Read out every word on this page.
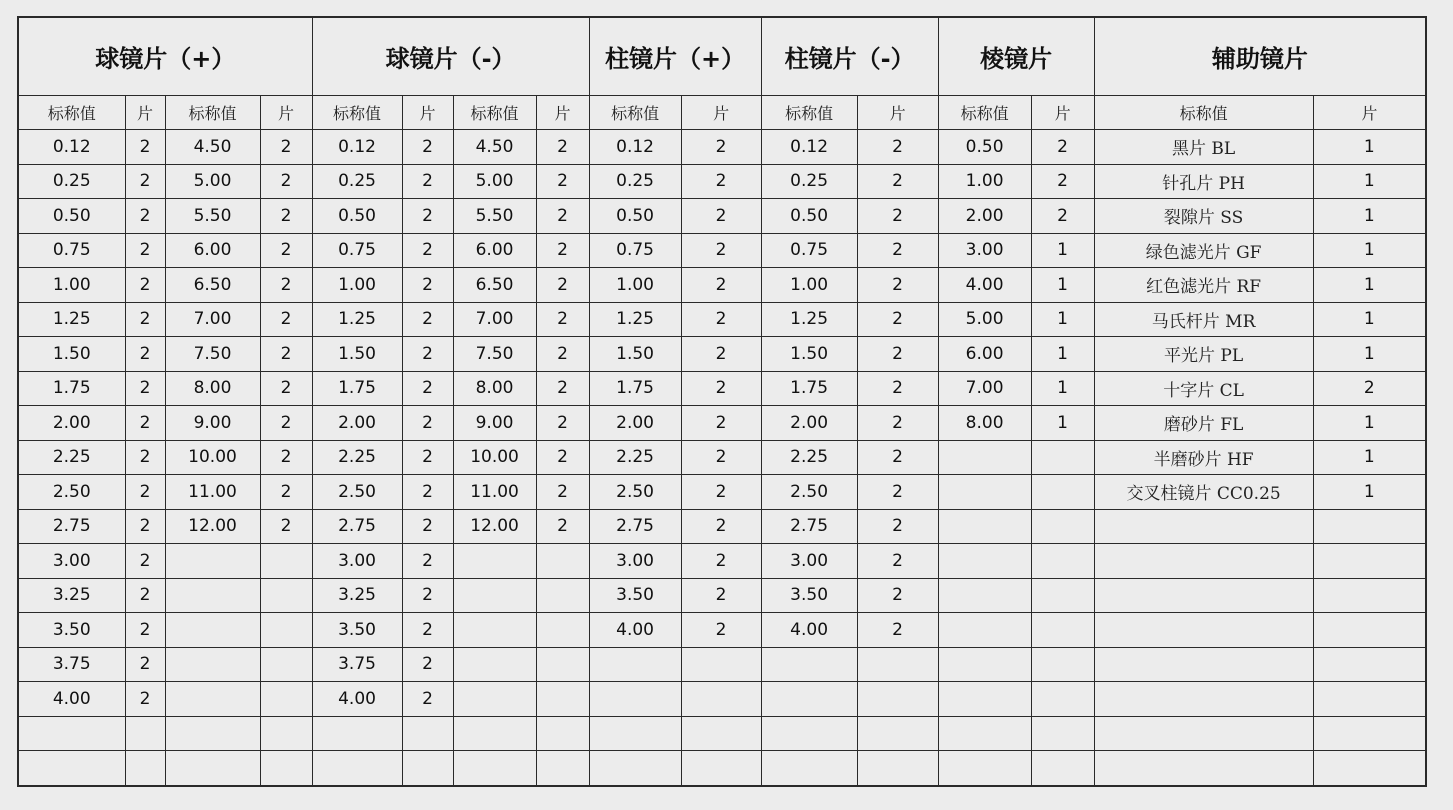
球镜片（+）				球镜片（-）				柱镜片（+）		柱镜片（-）		棱镜片		辅助镜片	
标称值	片	标称值	片	标称值	片	标称值	片	标称值	片	标称值	片	标称值	片	标称值	片
0.12	2	4.50	2	0.12	2	4.50	2	0.12	2	0.12	2	0.50	2	黑片 BL	1
0.25	2	5.00	2	0.25	2	5.00	2	0.25	2	0.25	2	1.00	2	针孔片 PH	1
0.50	2	5.50	2	0.50	2	5.50	2	0.50	2	0.50	2	2.00	2	裂隙片 SS	1
0.75	2	6.00	2	0.75	2	6.00	2	0.75	2	0.75	2	3.00	1	绿色滤光片 GF	1
1.00	2	6.50	2	1.00	2	6.50	2	1.00	2	1.00	2	4.00	1	红色滤光片 RF	1
1.25	2	7.00	2	1.25	2	7.00	2	1.25	2	1.25	2	5.00	1	马氏杆片 MR	1
1.50	2	7.50	2	1.50	2	7.50	2	1.50	2	1.50	2	6.00	1	平光片 PL	1
1.75	2	8.00	2	1.75	2	8.00	2	1.75	2	1.75	2	7.00	1	十字片 CL	2
2.00	2	9.00	2	2.00	2	9.00	2	2.00	2	2.00	2	8.00	1	磨砂片 FL	1
2.25	2	10.00	2	2.25	2	10.00	2	2.25	2	2.25	2			半磨砂片 HF	1
2.50	2	11.00	2	2.50	2	11.00	2	2.50	2	2.50	2			交叉柱镜片 CC0.25	1
2.75	2	12.00	2	2.75	2	12.00	2	2.75	2	2.75	2				
3.00	2			3.00	2			3.00	2	3.00	2				
3.25	2			3.25	2			3.50	2	3.50	2				
3.50	2			3.50	2			4.00	2	4.00	2				
3.75	2			3.75	2										
4.00	2			4.00	2										
